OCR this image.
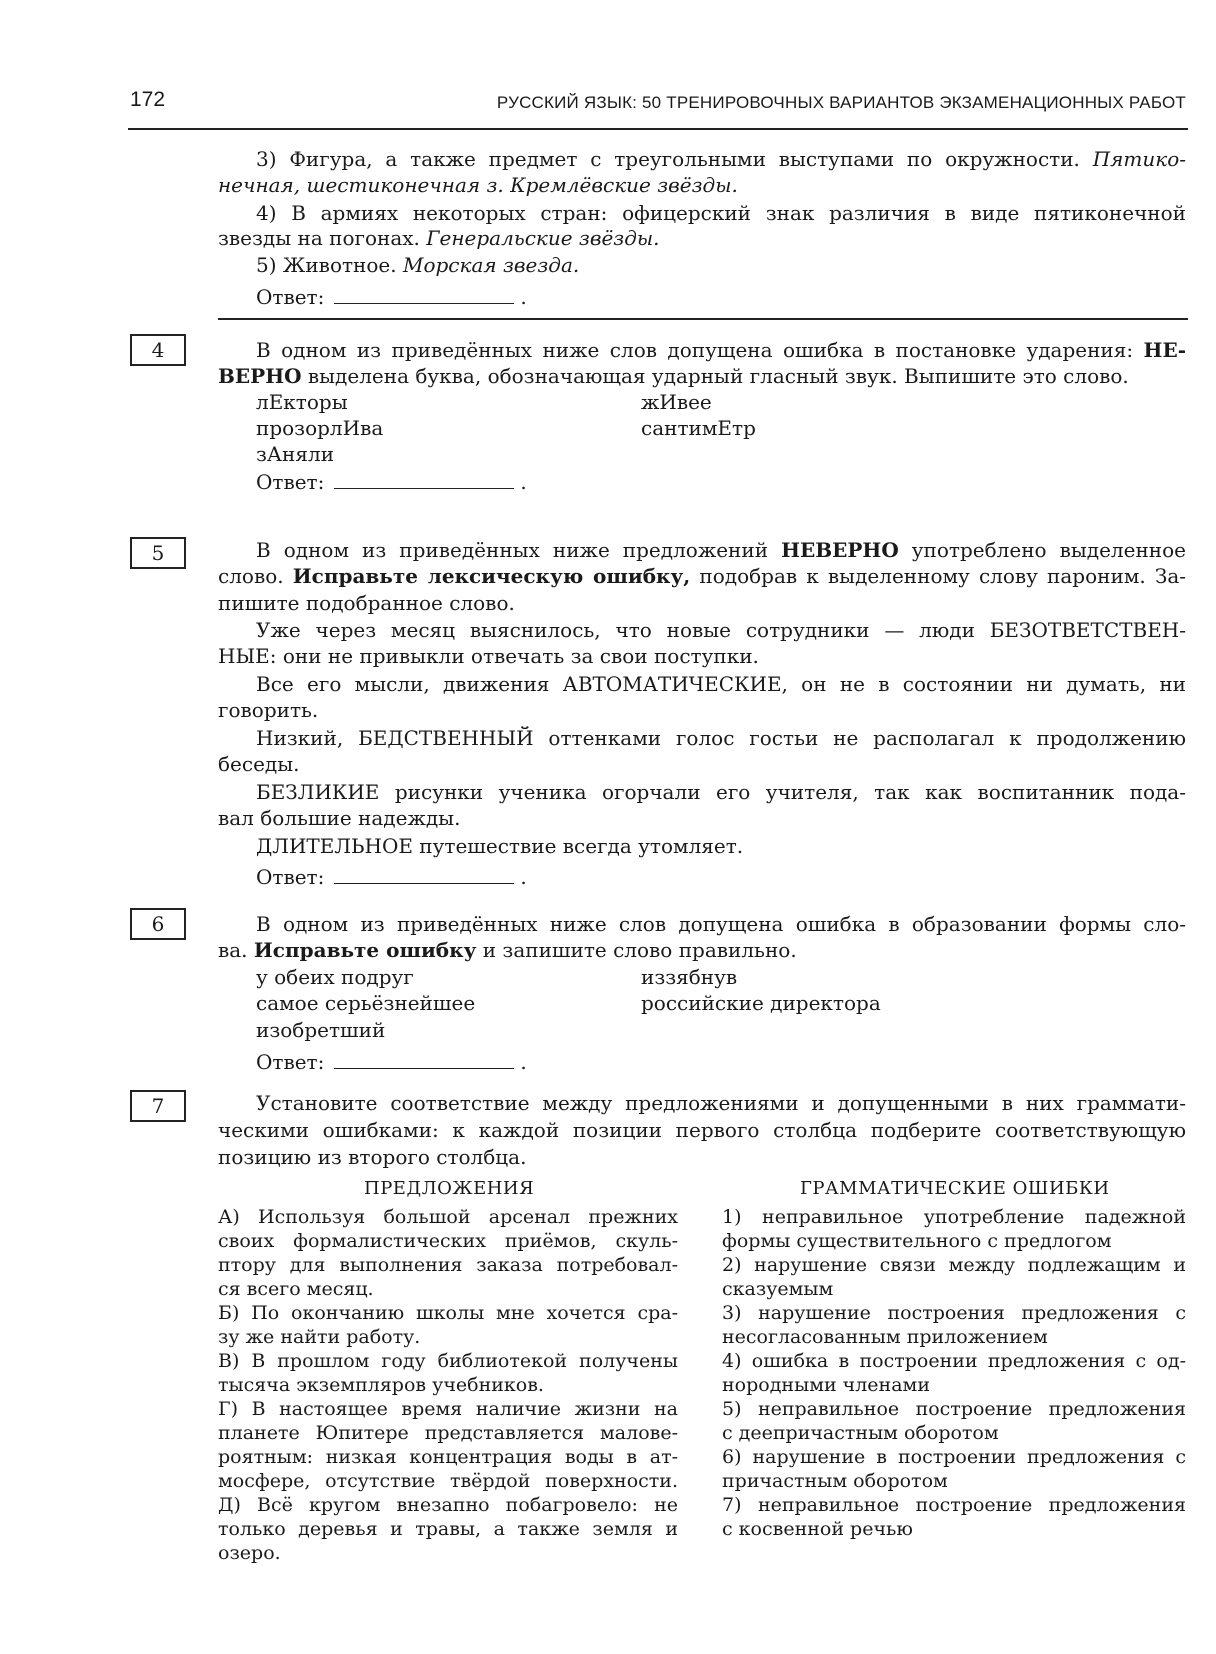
172	РУССКИЙ ЯЗЫК: 50 ТРЕНИРОВОЧНЫХ ВАРИАНТОВ ЭКЗАМЕНАЦИОННЫХ РАБОТ
3) Фигура, а также предмет с треугольными выступами по окружности. Пятико-
нечная, шестиконечная з. Кремлёвские звёзды.
4) В армиях некоторых стран: офицерский знак различия в виде пятиконечной
звезды на погонах. Генеральские звёзды.
5) Животное. Морская звезда.
Ответ:	.
4	В одном из приведённых ниже слов допущена ошибка в постановке ударения: НЕ-
ВЕРНО выделена буква, обозначающая ударный гласный звук. Выпишите это слово.
лЕкторы
прозорлИва
зАняли
жИвее
сантимЕтр
Ответ:	.
5	В одном из приведённых ниже предложений НЕВЕРНО употреблено выделенное
слово. Исправьте лексическую ошибку, подобрав к выделенному слову пароним. За-
пишите подобранное слово.
Уже через месяц выяснилось, что новые сотрудники — люди БЕЗОТВЕТСТВЕН-
НЫЕ: они не привыкли отвечать за свои поступки.
Все его мысли, движения АВТОМАТИЧЕСКИЕ, он не в состоянии ни думать, ни
говорить.
Низкий, БЕДСТВЕННЫЙ оттенками голос гостьи не располагал к продолжению
беседы.
БЕЗЛИКИЕ рисунки ученика огорчали его учителя, так как воспитанник пода-
вал большие надежды.
ДЛИТЕЛЬНОЕ путешествие всегда утомляет.
Ответ:	.
6	В одном из приведённых ниже слов допущена ошибка в образовании формы сло-
ва. Исправьте ошибку и запишите слово правильно.
у обеих подруг
самое серьёзнейшее
изобретший
иззябнув
российские директора
Ответ:	.
7	Установите соответствие между предложениями и допущенными в них граммати-
ческими ошибками: к каждой позиции первого столбца подберите соответствующую
позицию из второго столбца.
ПРЕДЛОЖЕНИЯ	ГРАММАТИЧЕСКИЕ ОШИБКИ
А) Используя большой арсенал прежних
своих формалистических приёмов, скуль-
птору для выполнения заказа потребовал-
ся всего месяц.
Б) По окончанию школы мне хочется сра-
зу же найти работу.
В) В прошлом году библиотекой получены
тысяча экземпляров учебников.
Г) В настоящее время наличие жизни на
планете Юпитере представляется малове-
роятным: низкая концентрация воды в ат-
мосфере, отсутствие твёрдой поверхности.
Д) Всё кругом внезапно побагровело: не
только деревья и травы, а также земля и
озеро.
1) неправильное употребление падежной
формы существительного с предлогом
2) нарушение связи между подлежащим и
сказуемым
3) нарушение построения предложения с
несогласованным приложением
4) ошибка в построении предложения с од-
нородными членами
5) неправильное построение предложения
с деепричастным оборотом
6) нарушение в построении предложения с
причастным оборотом
7) неправильное построение предложения
с косвенной речью
